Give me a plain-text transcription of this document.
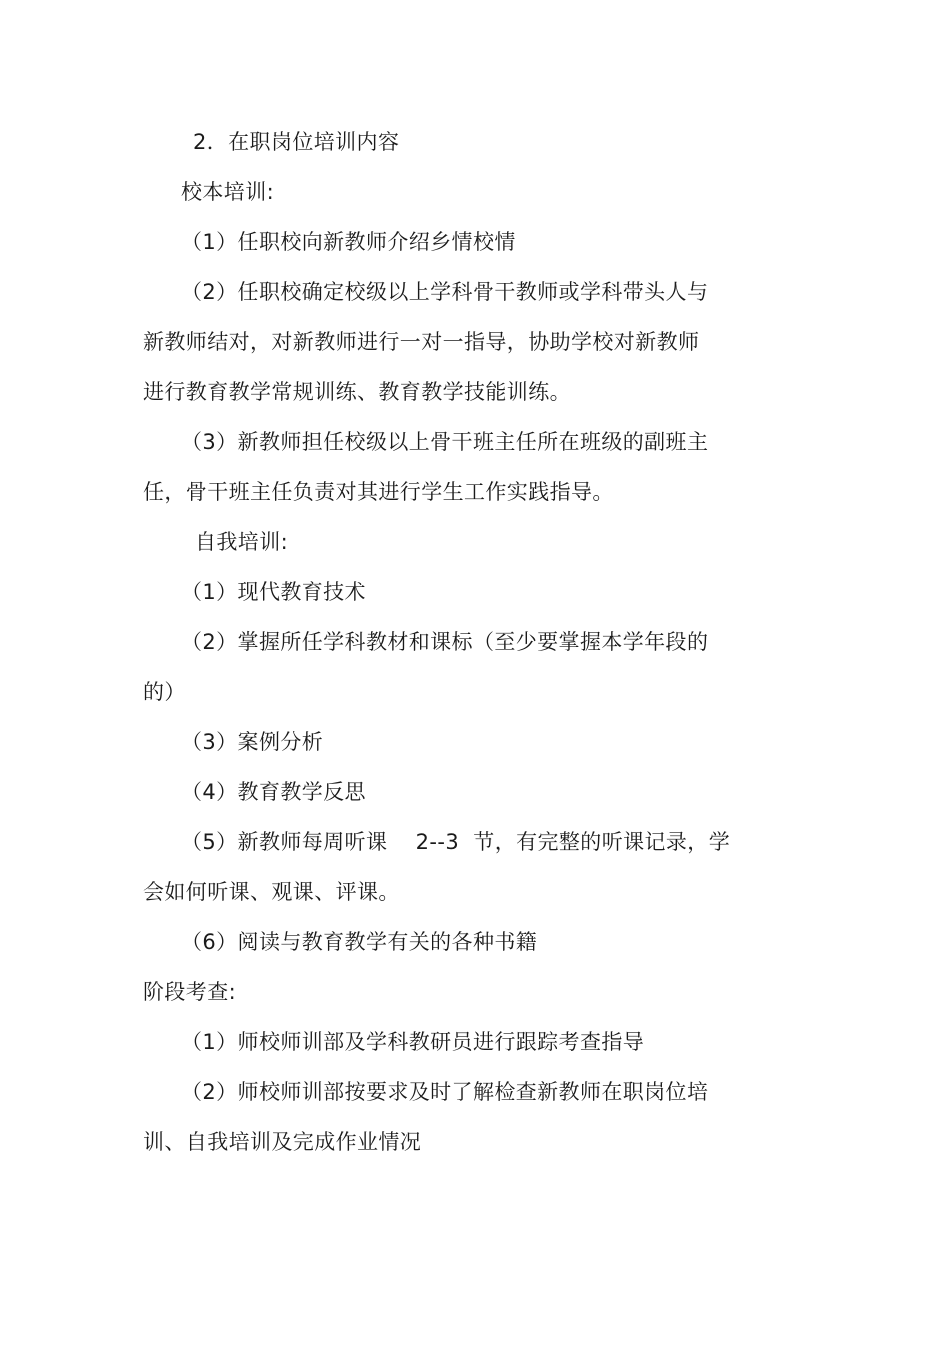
2．在职岗位培训内容
校本培训:
（1）任职校向新教师介绍乡情校情
（2）任职校确定校级以上学科骨干教师或学科带头人与
新教师结对，对新教师进行一对一指导，协助学校对新教师
进行教育教学常规训练、教育教学技能训练。
（3）新教师担任校级以上骨干班主任所在班级的副班主
任，骨干班主任负责对其进行学生工作实践指导。
自我培训:
（1）现代教育技术
（2）掌握所任学科教材和课标（至少要掌握本学年段的
的）
（3）案例分析
（4）教育教学反思
（5）新教师每周听课    2--3  节，有完整的听课记录，学
会如何听课、观课、评课。
（6）阅读与教育教学有关的各种书籍
阶段考查:
（1）师校师训部及学科教研员进行跟踪考查指导
（2）师校师训部按要求及时了解检查新教师在职岗位培
训、自我培训及完成作业情况
